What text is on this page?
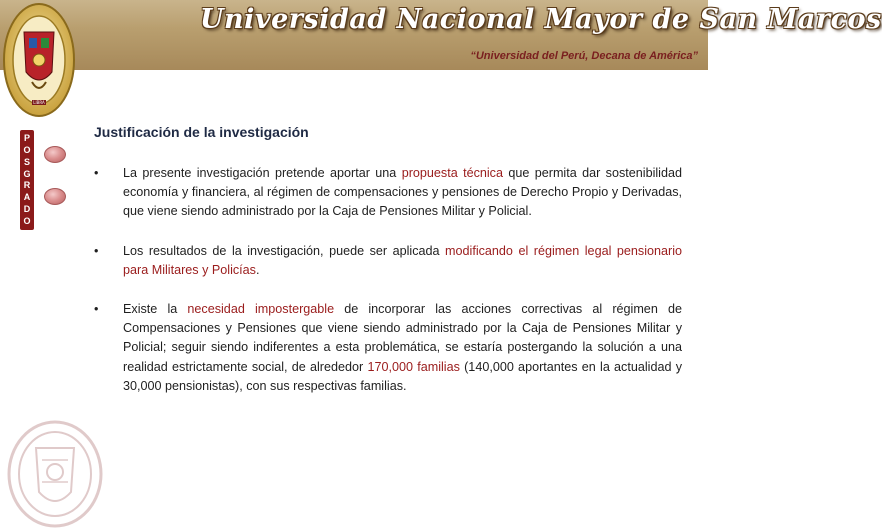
Universidad Nacional Mayor de San Marcos
“Universidad del Perú, Decana de América”
LIBRA
P
O
S
G
R
A
D
O
Justificación de la investigación

• La presente investigación pretende aportar una propuesta técnica que permita dar sostenibilidad economía y financiera, al régimen de compensaciones y pensiones de Derecho Propio y Derivadas, que viene siendo administrado por la Caja de Pensiones Militar y Policial.

• Los resultados de la investigación, puede ser aplicada modificando el régimen legal pensionario para Militares y Policías.

• Existe la necesidad impostergable de incorporar las acciones correctivas al régimen de Compensaciones y Pensiones que viene siendo administrado por la Caja de Pensiones Militar y Policial; seguir siendo indiferentes a esta problemática, se estaría postergando la solución a una realidad estrictamente social, de alrededor 170,000 familias (140,000 aportantes en la actualidad y 30,000 pensionistas), con sus respectivas familias.
